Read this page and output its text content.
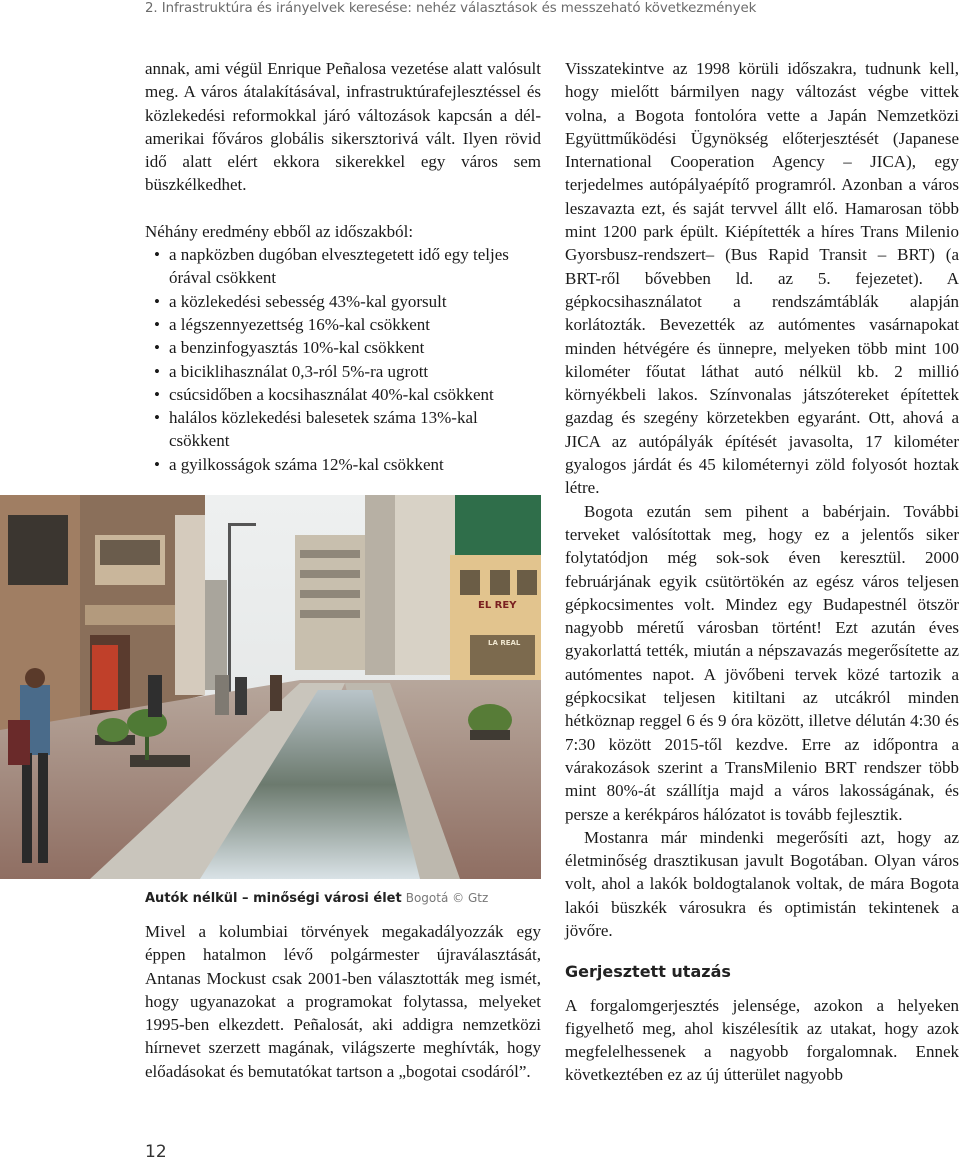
2. Infrastruktúra és irányelvek keresése: nehéz választások és messzeható következmények

annak, ami végül Enrique Peñalosa vezetése alatt valósult meg. A város átalakításával, infrastruktúrafejlesztéssel és közlekedési reformokkal járó változások kapcsán a dél-amerikai főváros globális sikersztorivá vált. Ilyen rövid idő alatt elért ekkora sikerekkel egy város sem büszkélkedhet.

Néhány eredmény ebből az időszakból:

• a napközben dugóban elvesztegetett idő egy teljes órával csökkent
• a közlekedési sebesség 43%-kal gyorsult
• a légszennyezettség 16%-kal csökkent
• a benzinfogyasztás 10%-kal csökkent
• a biciklihasználat 0,3-ról 5%-ra ugrott
• csúcsidőben a kocsihasználat 40%-kal csökkent
• halálos közlekedési balesetek száma 13%-kal csökkent
• a gyilkosságok száma 12%-kal csökkent
EL REY
LA REAL
Autók nélkül – minőségi városi élet Bogotá © Gtz

Mivel a kolumbiai törvények megakadályozzák egy éppen hatalmon lévő polgármester újraválasztását, Antanas Mockust csak 2001-ben választották meg ismét, hogy ugyanazokat a programokat folytassa, melyeket 1995-ben elkezdett. Peñalosát, aki addigra nemzetközi hírnevet szerzett magának, világszerte meghívták, hogy előadásokat és bemutatókat tartson a „bogotai csodáról”.

Visszatekintve az 1998 körüli időszakra, tudnunk kell, hogy mielőtt bármilyen nagy változást végbe vittek volna, a Bogota fontolóra vette a Japán Nemzetközi Együttműködési Ügynökség előterjesztését (Japanese International Cooperation Agency – JICA), egy terjedelmes autópályaépítő programról. Azonban a város leszavazta ezt, és saját tervvel állt elő. Hamarosan több mint 1200 park épült. Kiépítették a híres Trans Milenio Gyorsbusz-rendszert– (Bus Rapid Transit – BRT) (a BRT-ről bővebben ld. az 5. fejezetet). A gépkocsihasználatot a rendszámtáblák alapján korlátozták. Bevezették az autómentes vasárnapokat minden hétvégére és ünnepre, melyeken több mint 100 kilométer főutat láthat autó nélkül kb. 2 millió környékbeli lakos. Színvonalas játszótereket építettek gazdag és szegény körzetekben egyaránt. Ott, ahová a JICA az autópályák építését javasolta, 17 kilométer gyalogos járdát és 45 kilométernyi zöld folyosót hoztak létre.

Bogota ezután sem pihent a babérjain. További terveket valósítottak meg, hogy ez a jelentős siker folytatódjon még sok-sok éven keresztül. 2000 februárjának egyik csütörtökén az egész város teljesen gépkocsimentes volt. Mindez egy Budapestnél ötször nagyobb méretű városban történt! Ezt azután éves gyakorlattá tették, miután a népszavazás megerősítette az autómentes napot. A jövőbeni tervek közé tartozik a gépkocsikat teljesen kitiltani az utcákról minden hétköznap reggel 6 és 9 óra között, illetve délután 4:30 és 7:30 között 2015-től kezdve. Erre az időpontra a várakozások szerint a TransMilenio BRT rendszer több mint 80%-át szállítja majd a város lakosságának, és persze a kerékpáros hálózatot is tovább fejlesztik.

Mostanra már mindenki megerősíti azt, hogy az életminőség drasztikusan javult Bogotában. Olyan város volt, ahol a lakók boldogtalanok voltak, de mára Bogota lakói büszkék városukra és optimistán tekintenek a jövőre.

Gerjesztett utazás

A forgalomgerjesztés jelensége, azokon a helyeken figyelhető meg, ahol kiszélesítik az utakat, hogy azok megfelelhessenek a nagyobb forgalomnak. Ennek következtében ez az új útterület nagyobb

12
